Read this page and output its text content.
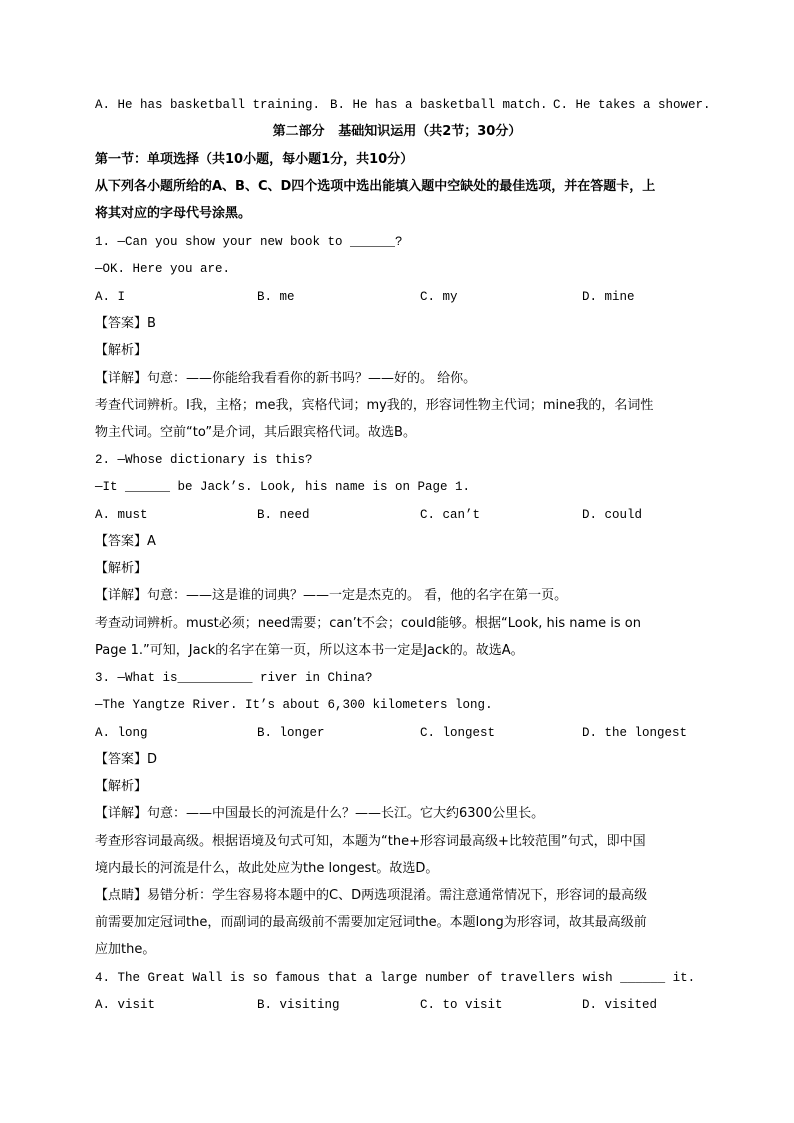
A. He has basketball training. B. He has a basketball match. C. He takes a shower.
第二部分   基础知识运用（共2节；30分）
第一节：单项选择（共10小题，每小题1分，共10分）
从下列各小题所给的A、B、C、D四个选项中选出能填入题中空缺处的最佳选项，并在答题卡，上
将其对应的字母代号涂黑。
1. —Can you show your new book to ______?
—OK. Here you are.
A. I	B. me	C. my	D. mine
【答案】B
【解析】
【详解】句意：——你能给我看看你的新书吗？——好的。 给你。
考查代词辨析。I我，主格；me我，宾格代词；my我的，形容词性物主代词；mine我的，名词性
物主代词。空前“to”是介词，其后跟宾格代词。故选B。
2. —Whose dictionary is this?
—It ______ be Jack’s. Look, his name is on Page 1.
A. must	B. need	C. can’t	D. could
【答案】A
【解析】
【详解】句意：——这是谁的词典？——一定是杰克的。 看，他的名字在第一页。
考查动词辨析。must必须；need需要；can’t不会；could能够。根据“Look, his name is on
Page 1.”可知，Jack的名字在第一页，所以这本书一定是Jack的。故选A。
3. —What is__________ river in China?
—The Yangtze River. It’s about 6,300 kilometers long.
A. long	B. longer	C. longest	D. the longest
【答案】D
【解析】
【详解】句意：——中国最长的河流是什么？——长江。它大约6300公里长。
考查形容词最高级。根据语境及句式可知，本题为“the+形容词最高级+比较范围”句式，即中国
境内最长的河流是什么，故此处应为the longest。故选D。
【点睛】易错分析：学生容易将本题中的C、D两选项混淆。需注意通常情况下，形容词的最高级
前需要加定冠词the，而副词的最高级前不需要加定冠词the。本题long为形容词，故其最高级前
应加the。
4. The Great Wall is so famous that a large number of travellers wish ______ it.
A. visit	B. visiting	C. to visit	D. visited
